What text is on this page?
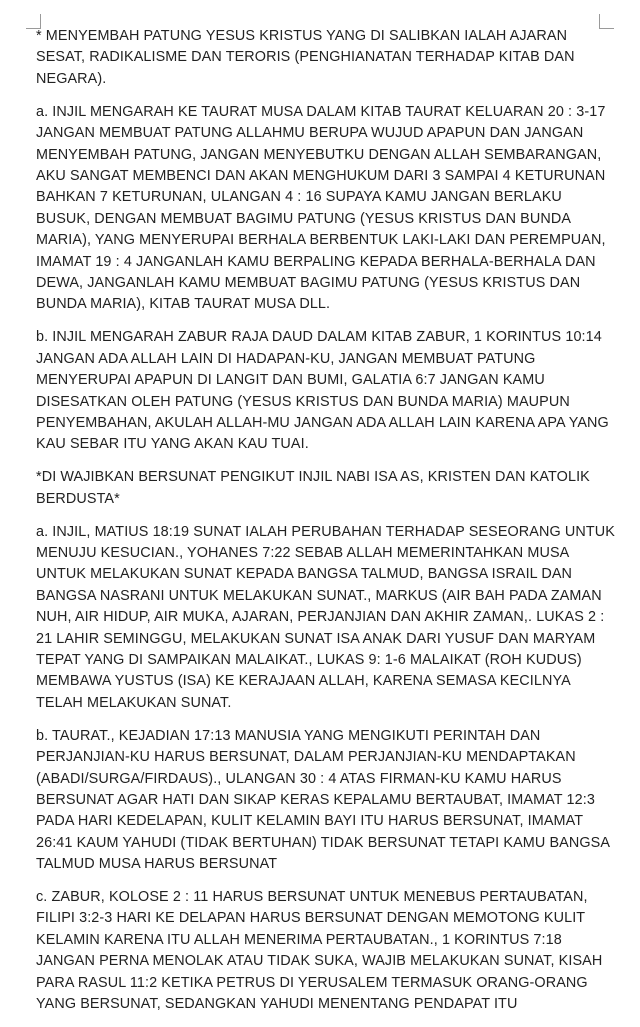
* MENYEMBAH PATUNG YESUS KRISTUS YANG DI SALIBKAN IALAH AJARAN SESAT, RADIKALISME DAN TERORIS (PENGHIANATAN TERHADAP KITAB DAN NEGARA).

a. INJIL MENGARAH KE TAURAT MUSA DALAM KITAB TAURAT KELUARAN 20 : 3-17 JANGAN MEMBUAT PATUNG ALLAHMU BERUPA WUJUD APAPUN DAN JANGAN MENYEMBAH PATUNG, JANGAN MENYEBUTKU DENGAN ALLAH SEMBARANGAN, AKU SANGAT MEMBENCI DAN AKAN MENGHUKUM DARI 3 SAMPAI 4 KETURUNAN BAHKAN 7 KETURUNAN, ULANGAN 4 : 16 SUPAYA KAMU JANGAN BERLAKU BUSUK, DENGAN MEMBUAT BAGIMU PATUNG (YESUS KRISTUS DAN BUNDA MARIA), YANG MENYERUPAI BERHALA BERBENTUK LAKI-LAKI DAN PEREMPUAN, IMAMAT 19 : 4 JANGANLAH KAMU BERPALING KEPADA BERHALA-BERHALA DAN DEWA, JANGANLAH KAMU MEMBUAT BAGIMU PATUNG (YESUS KRISTUS DAN BUNDA MARIA), KITAB TAURAT MUSA DLL.

b. INJIL MENGARAH ZABUR RAJA DAUD DALAM KITAB ZABUR, 1 KORINTUS 10:14 JANGAN ADA ALLAH LAIN DI HADAPAN-KU, JANGAN MEMBUAT PATUNG MENYERUPAI APAPUN DI LANGIT DAN BUMI, GALATIA 6:7 JANGAN KAMU DISESATKAN OLEH PATUNG (YESUS KRISTUS DAN BUNDA MARIA) MAUPUN PENYEMBAHAN, AKULAH ALLAH-MU JANGAN ADA ALLAH LAIN KARENA APA YANG KAU SEBAR ITU YANG AKAN KAU TUAI.

*DI WAJIBKAN BERSUNAT PENGIKUT INJIL NABI ISA AS, KRISTEN DAN KATOLIK BERDUSTA*

a. INJIL, MATIUS 18:19 SUNAT IALAH PERUBAHAN TERHADAP SESEORANG UNTUK MENUJU KESUCIAN., YOHANES 7:22 SEBAB ALLAH MEMERINTAHKAN MUSA UNTUK MELAKUKAN SUNAT KEPADA BANGSA TALMUD, BANGSA ISRAIL DAN BANGSA NASRANI UNTUK MELAKUKAN SUNAT., MARKUS (AIR BAH PADA ZAMAN NUH, AIR HIDUP, AIR MUKA, AJARAN, PERJANJIAN DAN AKHIR ZAMAN,. LUKAS 2 : 21 LAHIR SEMINGGU, MELAKUKAN SUNAT ISA ANAK DARI YUSUF DAN MARYAM TEPAT YANG DI SAMPAIKAN MALAIKAT., LUKAS 9: 1-6 MALAIKAT (ROH KUDUS) MEMBAWA YUSTUS (ISA) KE KERAJAAN ALLAH, KARENA SEMASA KECILNYA TELAH MELAKUKAN SUNAT.

b. TAURAT., KEJADIAN 17:13 MANUSIA YANG MENGIKUTI PERINTAH DAN PERJANJIAN-KU HARUS BERSUNAT, DALAM PERJANJIAN-KU MENDAPTAKAN (ABADI/SURGA/FIRDAUS)., ULANGAN 30 : 4 ATAS FIRMAN-KU KAMU HARUS BERSUNAT AGAR HATI DAN SIKAP KERAS KEPALAMU BERTAUBAT, IMAMAT 12:3 PADA HARI KEDELAPAN, KULIT KELAMIN BAYI ITU HARUS BERSUNAT, IMAMAT 26:41 KAUM YAHUDI (TIDAK BERTUHAN) TIDAK BERSUNAT TETAPI KAMU BANGSA TALMUD MUSA HARUS BERSUNAT

c. ZABUR, KOLOSE 2 : 11 HARUS BERSUNAT UNTUK MENEBUS PERTAUBATAN, FILIPI 3:2-3 HARI KE DELAPAN HARUS BERSUNAT DENGAN MEMOTONG KULIT KELAMIN KARENA ITU ALLAH MENERIMA PERTAUBATAN., 1 KORINTUS 7:18 JANGAN PERNA MENOLAK ATAU TIDAK SUKA, WAJIB MELAKUKAN SUNAT, KISAH PARA RASUL 11:2 KETIKA PETRUS DI YERUSALEM TERMASUK ORANG-ORANG YANG BERSUNAT, SEDANGKAN YAHUDI MENENTANG PENDAPAT ITU
